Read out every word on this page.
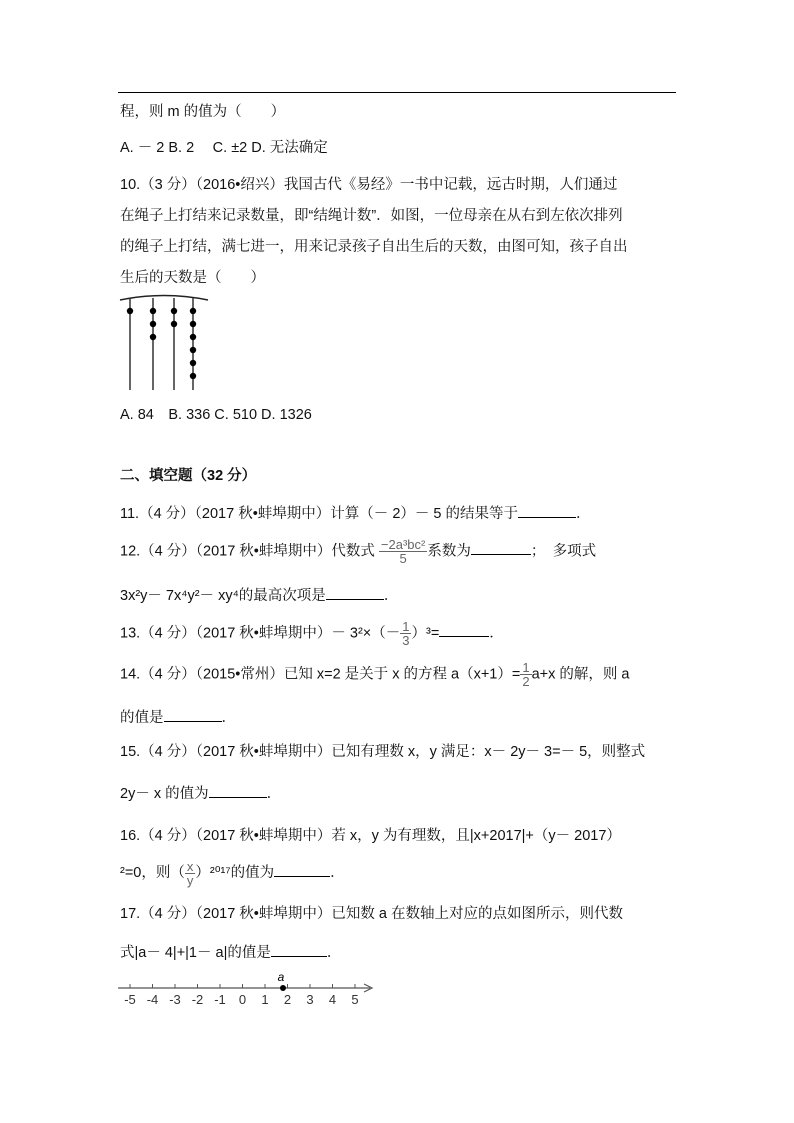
程，则 m 的值为（　　）
A. － 2 B. 2　 C. ±2 D. 无法确定
10.（3 分）（2016•绍兴）我国古代《易经》一书中记载，远古时期，人们通过
在绳子上打结来记录数量，即“结绳计数”．如图，一位母亲在从右到左依次排列
的绳子上打结，满七进一，用来记录孩子自出生后的天数，由图可知，孩子自出
生后的天数是（　　）
A. 84　B. 336 C. 510 D. 1326
二、填空题（32 分）
11.（4 分）（2017 秋•蚌埠期中）计算（－ 2）－ 5 的结果等于	．
12.（4 分）（2017 秋•蚌埠期中）代数式 $\frac{\text{−2a³bc²}}{5}$ 系数为	；　多项式
3x²y－ 7x⁴y²－ xy⁴的最高次项是	．
13.（4 分）（2017 秋•蚌埠期中）－ $3^2\times(- \frac{1}{3} )^3=$	．
14.（4 分）（2015•常州）已知 x=2 是关于 x 的方程 $a(x+1)= \frac{1}{2} a+x$ 的解，则 a
的值是	．
15.（4 分）（2017 秋•蚌埠期中）已知有理数 x，y 满足：x－ 2y－ 3=－ 5，则整式
2y－ x 的值为	．
16.（4 分）（2017 秋•蚌埠期中）若 x，y 为有理数，且|x+2017|+（y－ 2017）
²=0，则（ $\frac{x}{y} )^{2017}$的值为	．
17.（4 分）（2017 秋•蚌埠期中）已知数 a 在数轴上对应的点如图所示，则代数
式|a－ 4|+|1－ a|的值是	．
-5 -4 -3 -2 -1 0 1 2 3 4 5
a
